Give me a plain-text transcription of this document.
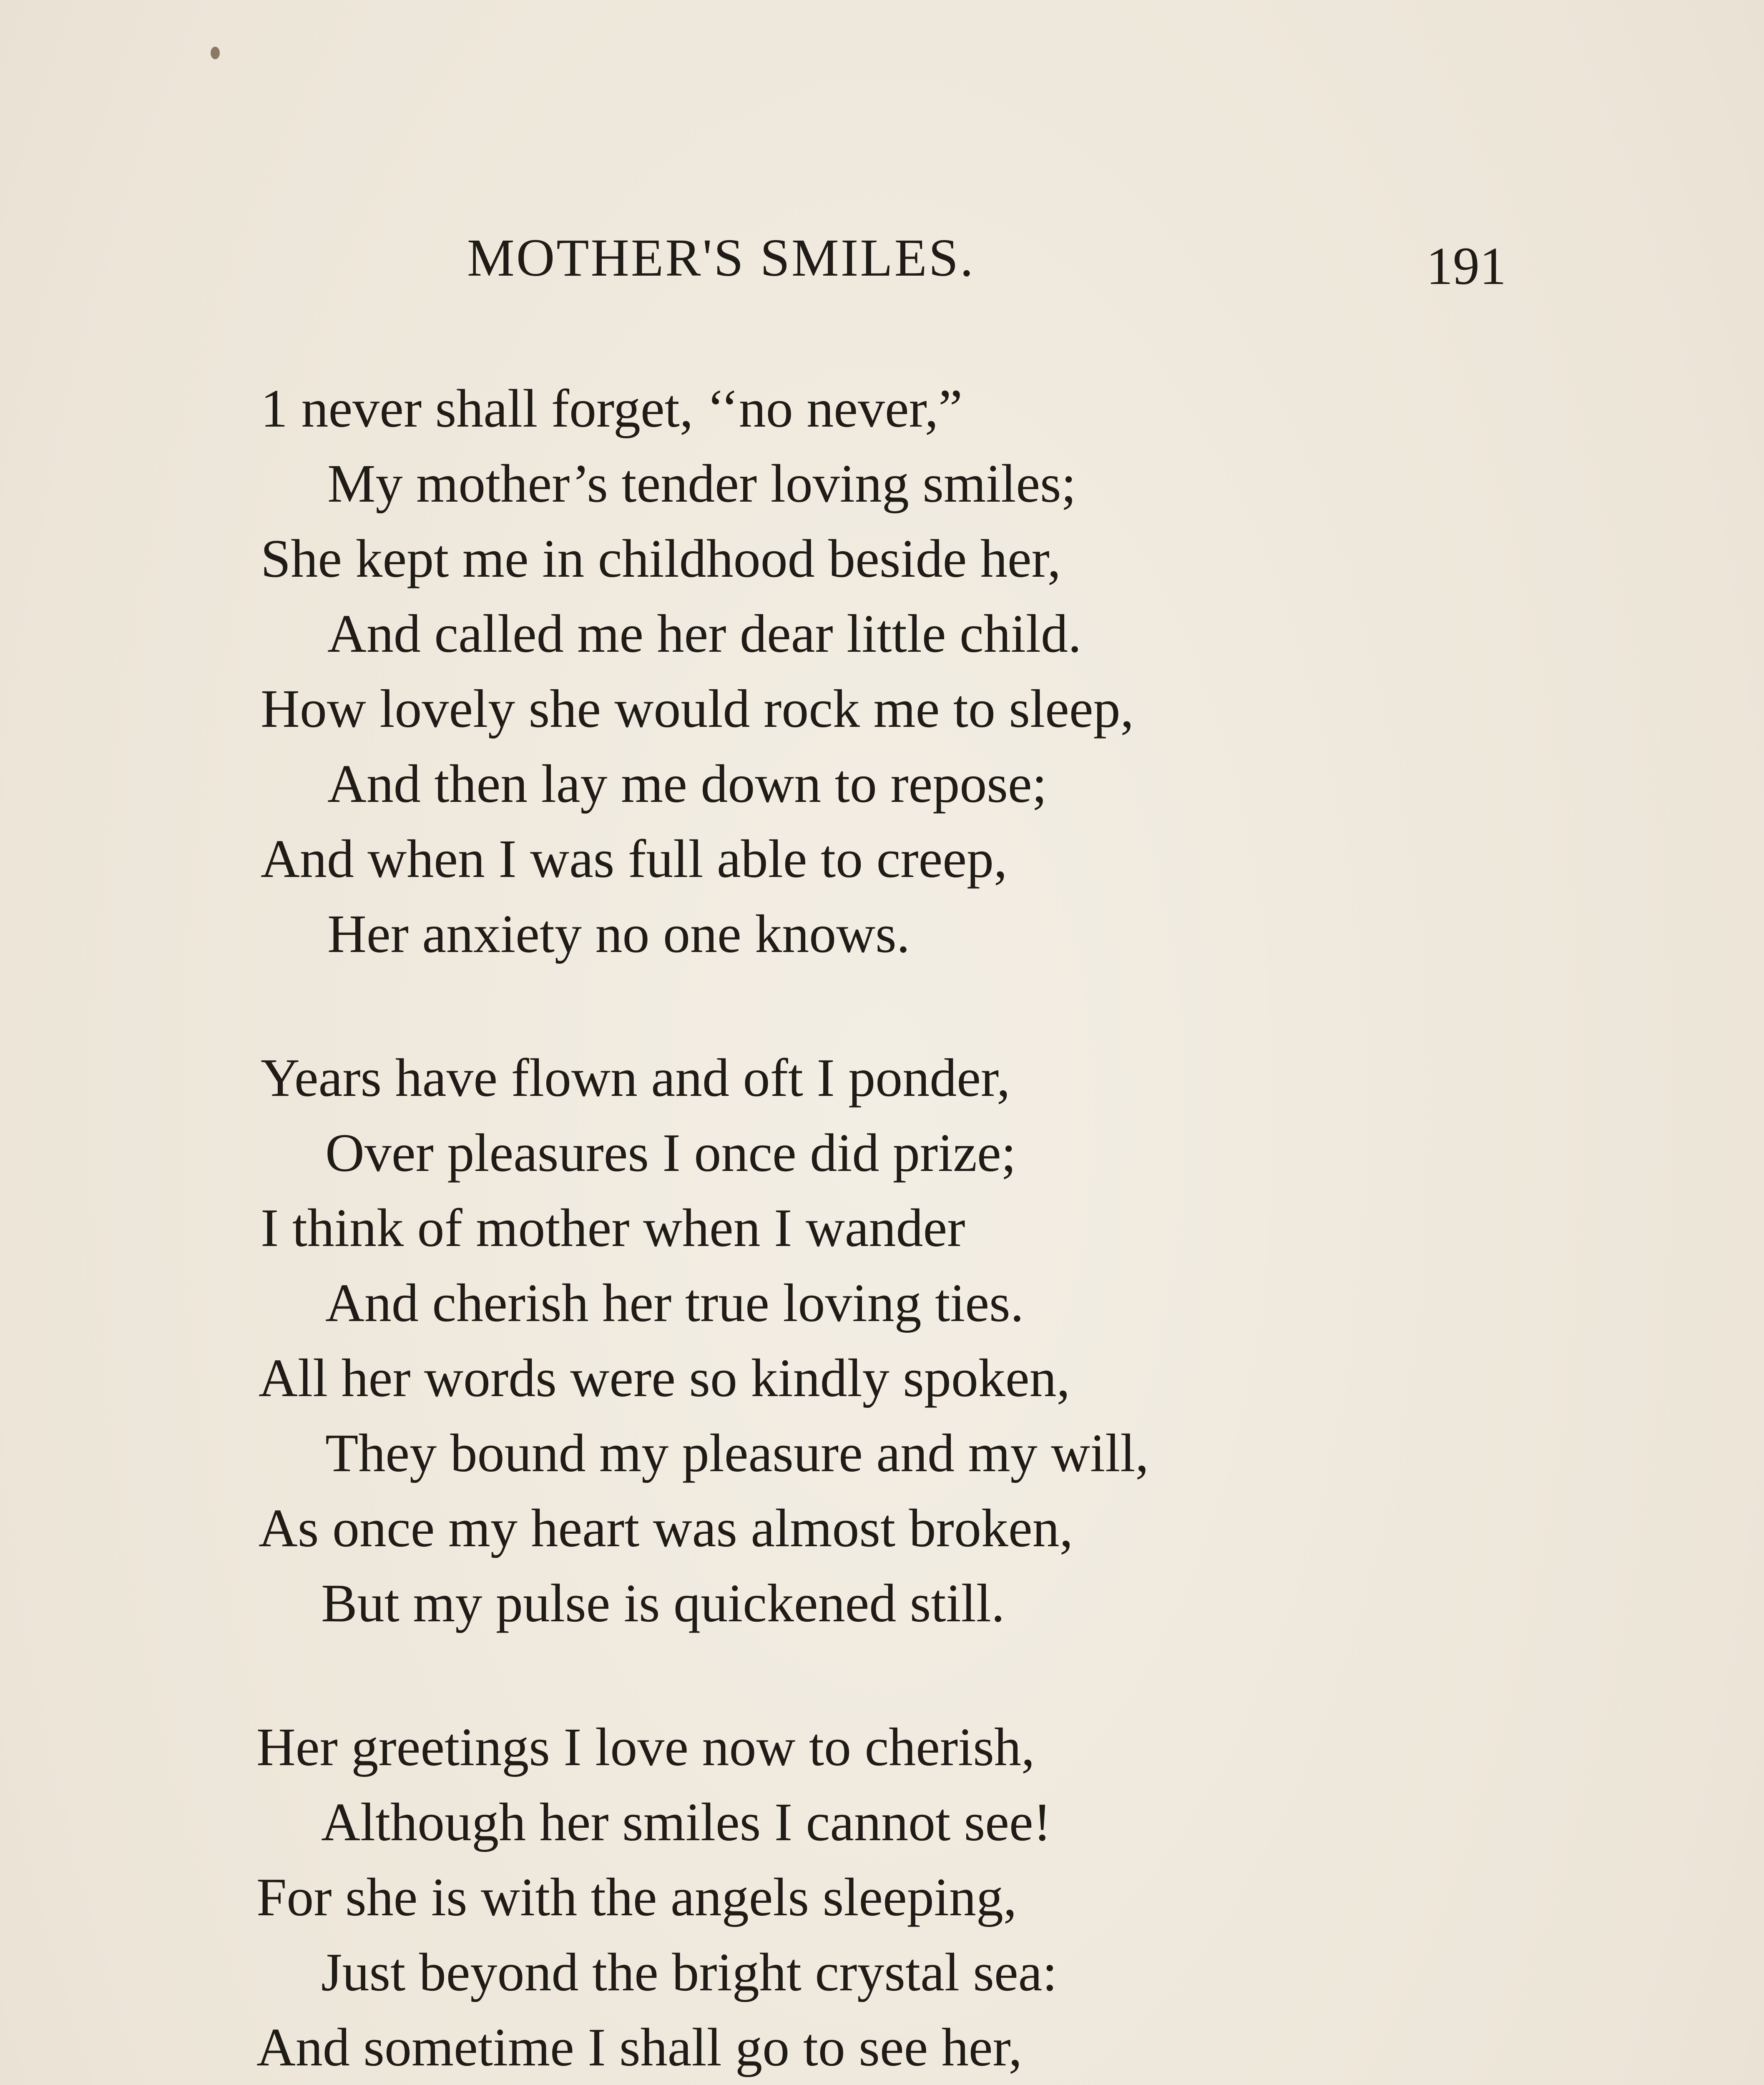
MOTHER'S SMILES.	191
1 never shall forget, ‘‘no never,”
My mother’s tender loving smiles;
She kept me in childhood beside her,
And called me her dear little child.
How lovely she would rock me to sleep,
And then lay me down to repose;
And when I was full able to creep,
Her anxiety no one knows.
Years have flown and oft I ponder,
Over pleasures I once did prize;
I think of mother when I wander
And cherish her true loving ties.
All her words were so kindly spoken,
They bound my pleasure and my will,
As once my heart was almost broken,
But my pulse is quickened still.
Her greetings I love now to cherish,
Although her smiles I cannot see!
For she is with the angels sleeping,
Just beyond the bright crystal sea:
And sometime I shall go to see her,
